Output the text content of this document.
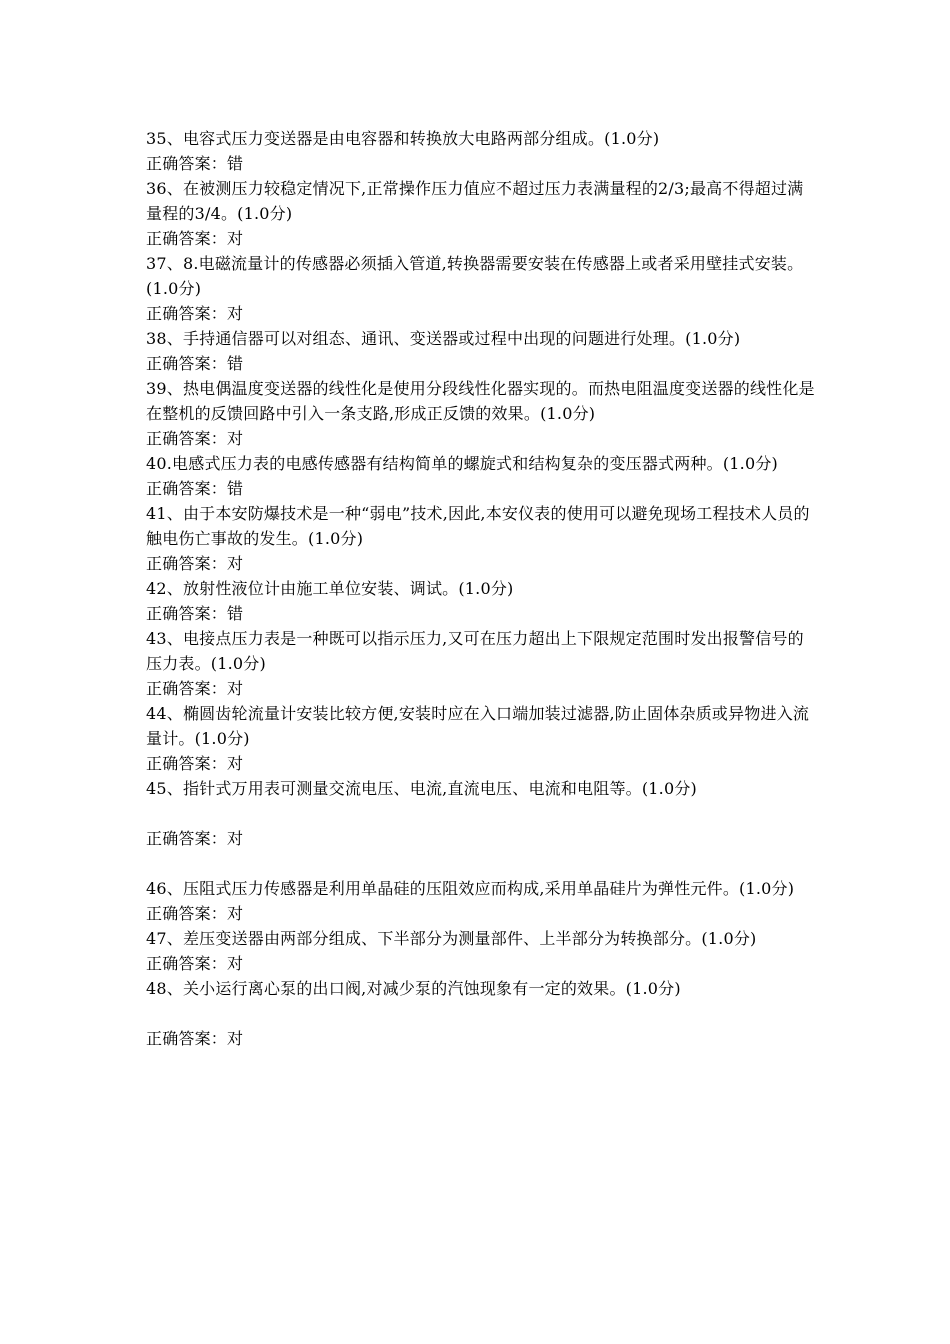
35、电容式压力变送器是由电容器和转换放大电路两部分组成。(1.0分)
正确答案：错
36、在被测压力较稳定情况下,正常操作压力值应不超过压力表满量程的2/3;最高不得超过满量程的3/4。(1.0分)
正确答案：对
37、8.电磁流量计的传感器必须插入管道,转换器需要安装在传感器上或者采用壁挂式安装。(1.0分)
正确答案：对
38、手持通信器可以对组态、通讯、变送器或过程中出现的问题进行处理。(1.0分)
正确答案：错
39、热电偶温度变送器的线性化是使用分段线性化器实现的。而热电阻温度变送器的线性化是在整机的反馈回路中引入一条支路,形成正反馈的效果。(1.0分)
正确答案：对
40.电感式压力表的电感传感器有结构简单的螺旋式和结构复杂的变压器式两种。(1.0分)
正确答案：错
41、由于本安防爆技术是一种“弱电”技术,因此,本安仪表的使用可以避免现场工程技术人员的触电伤亡事故的发生。(1.0分)
正确答案：对
42、放射性液位计由施工单位安装、调试。(1.0分)
正确答案：错
43、电接点压力表是一种既可以指示压力,又可在压力超出上下限规定范围时发出报警信号的压力表。(1.0分)
正确答案：对
44、椭圆齿轮流量计安装比较方便,安装时应在入口端加装过滤器,防止固体杂质或异物进入流量计。(1.0分)
正确答案：对
45、指针式万用表可测量交流电压、电流,直流电压、电流和电阻等。(1.0分)
正确答案：对
46、压阻式压力传感器是利用单晶硅的压阻效应而构成,采用单晶硅片为弹性元件。(1.0分)
正确答案：对
47、差压变送器由两部分组成、下半部分为测量部件、上半部分为转换部分。(1.0分)
正确答案：对
48、关小运行离心泵的出口阀,对减少泵的汽蚀现象有一定的效果。(1.0分)
正确答案：对
